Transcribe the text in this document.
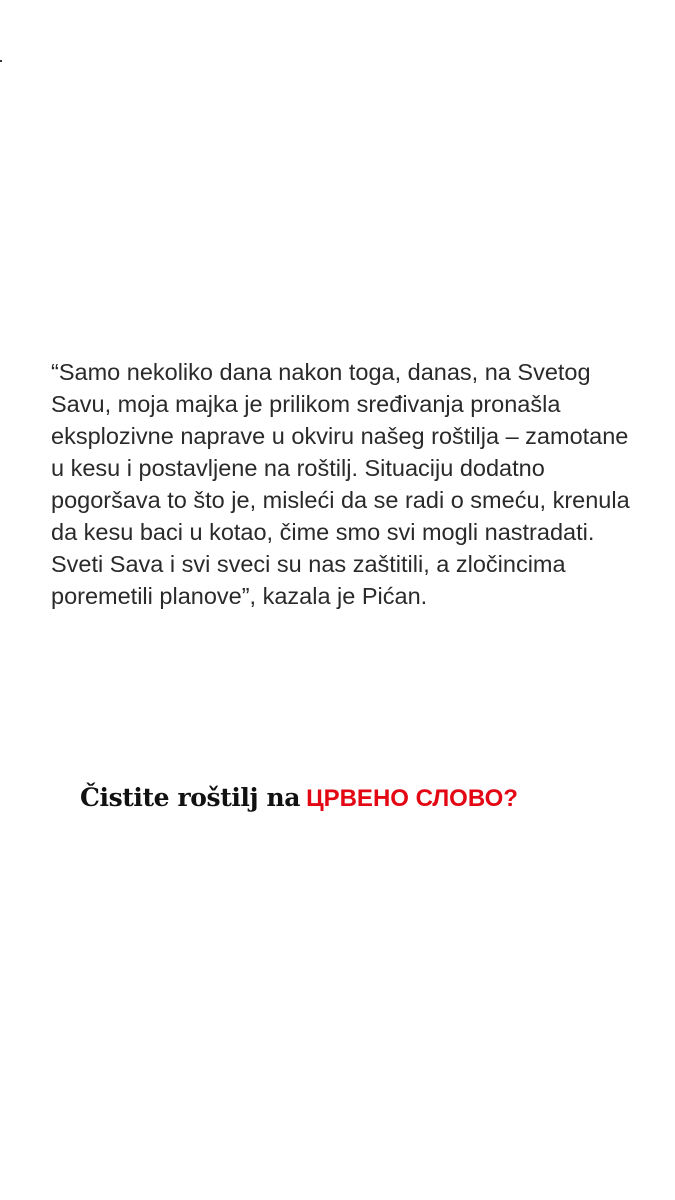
“Samo nekoliko dana nakon toga, danas, na Svetog Savu, moja majka je prilikom sređivanja pronašla eksplozivne naprave u okviru našeg roštilja – zamotane u kesu i postavljene na roštilj. Situaciju dodatno pogoršava to što je, misleći da se radi o smeću, krenula da kesu baci u kotao, čime smo svi mogli nastradati. Sveti Sava i svi sveci su nas zaštitili, a zločincima poremetili planove”, kazala je Pićan.

Čistite roštilj na ЦРВЕНО СЛОВО?
